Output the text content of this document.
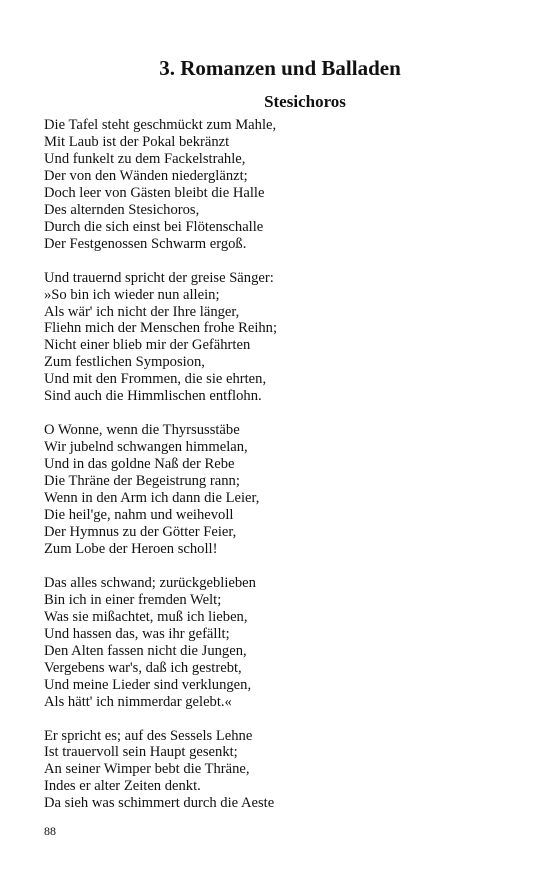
3. Romanzen und Balladen
Stesichoros
Die Tafel steht geschmückt zum Mahle,
Mit Laub ist der Pokal bekränzt
Und funkelt zu dem Fackelstrahle,
Der von den Wänden niederglänzt;
Doch leer von Gästen bleibt die Halle
Des alternden Stesichoros,
Durch die sich einst bei Flötenschalle
Der Festgenossen Schwarm ergoß.
Und trauernd spricht der greise Sänger:
»So bin ich wieder nun allein;
Als wär' ich nicht der Ihre länger,
Fliehn mich der Menschen frohe Reihn;
Nicht einer blieb mir der Gefährten
Zum festlichen Symposion,
Und mit den Frommen, die sie ehrten,
Sind auch die Himmlischen entflohn.
O Wonne, wenn die Thyrsusstäbe
Wir jubelnd schwangen himmelan,
Und in das goldne Naß der Rebe
Die Thräne der Begeistrung rann;
Wenn in den Arm ich dann die Leier,
Die heil'ge, nahm und weihevoll
Der Hymnus zu der Götter Feier,
Zum Lobe der Heroen scholl!
Das alles schwand; zurückgeblieben
Bin ich in einer fremden Welt;
Was sie mißachtet, muß ich lieben,
Und hassen das, was ihr gefällt;
Den Alten fassen nicht die Jungen,
Vergebens war's, daß ich gestrebt,
Und meine Lieder sind verklungen,
Als hätt' ich nimmerdar gelebt.«
Er spricht es; auf des Sessels Lehne
Ist trauervoll sein Haupt gesenkt;
An seiner Wimper bebt die Thräne,
Indes er alter Zeiten denkt.
Da sieh was schimmert durch die Aeste
88
